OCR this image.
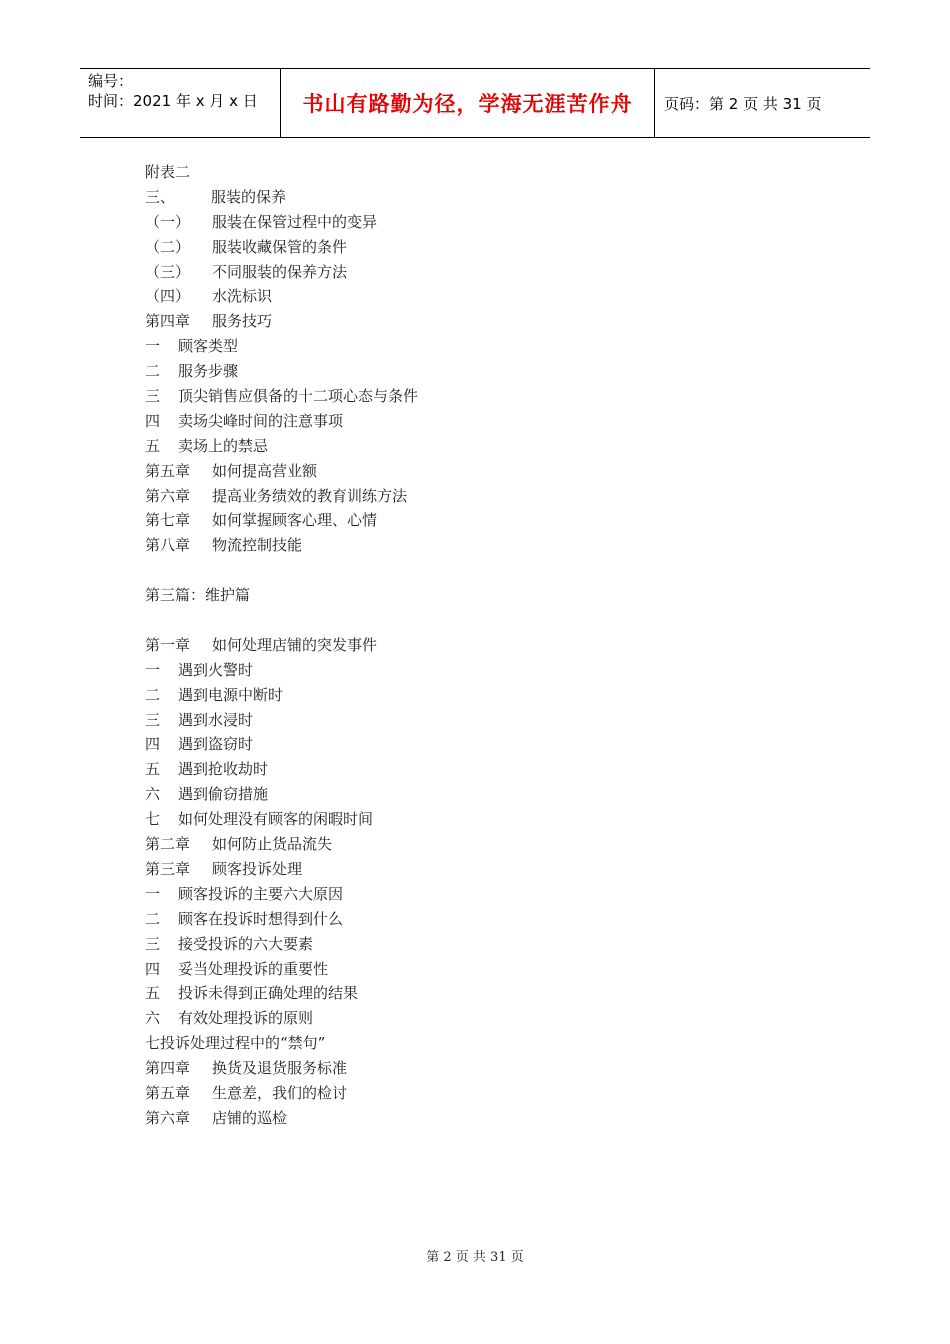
编号：
时间：2021 年 x 月 x 日	书山有路勤为径，学海无涯苦作舟	页码：第 2 页 共 31 页
附表二
三、 服装的保养
（一） 服装在保管过程中的变异
（二） 服装收藏保管的条件
（三） 不同服装的保养方法
（四） 水洗标识
第四章 服务技巧
一 顾客类型
二 服务步骤
三 顶尖销售应俱备的十二项心态与条件
四 卖场尖峰时间的注意事项
五 卖场上的禁忌
第五章 如何提高营业额
第六章 提高业务绩效的教育训练方法
第七章 如何掌握顾客心理、心情
第八章 物流控制技能
第三篇：维护篇
第一章 如何处理店铺的突发事件
一 遇到火警时
二 遇到电源中断时
三 遇到水浸时
四 遇到盗窃时
五 遇到抢收劫时
六 遇到偷窃措施
七 如何处理没有顾客的闲暇时间
第二章 如何防止货品流失
第三章 顾客投诉处理
一 顾客投诉的主要六大原因
二 顾客在投诉时想得到什么
三 接受投诉的六大要素
四 妥当处理投诉的重要性
五 投诉未得到正确处理的结果
六 有效处理投诉的原则
七投诉处理过程中的“禁句”
第四章 换货及退货服务标准
第五章 生意差，我们的检讨
第六章 店铺的巡检
第 2 页 共 31 页
